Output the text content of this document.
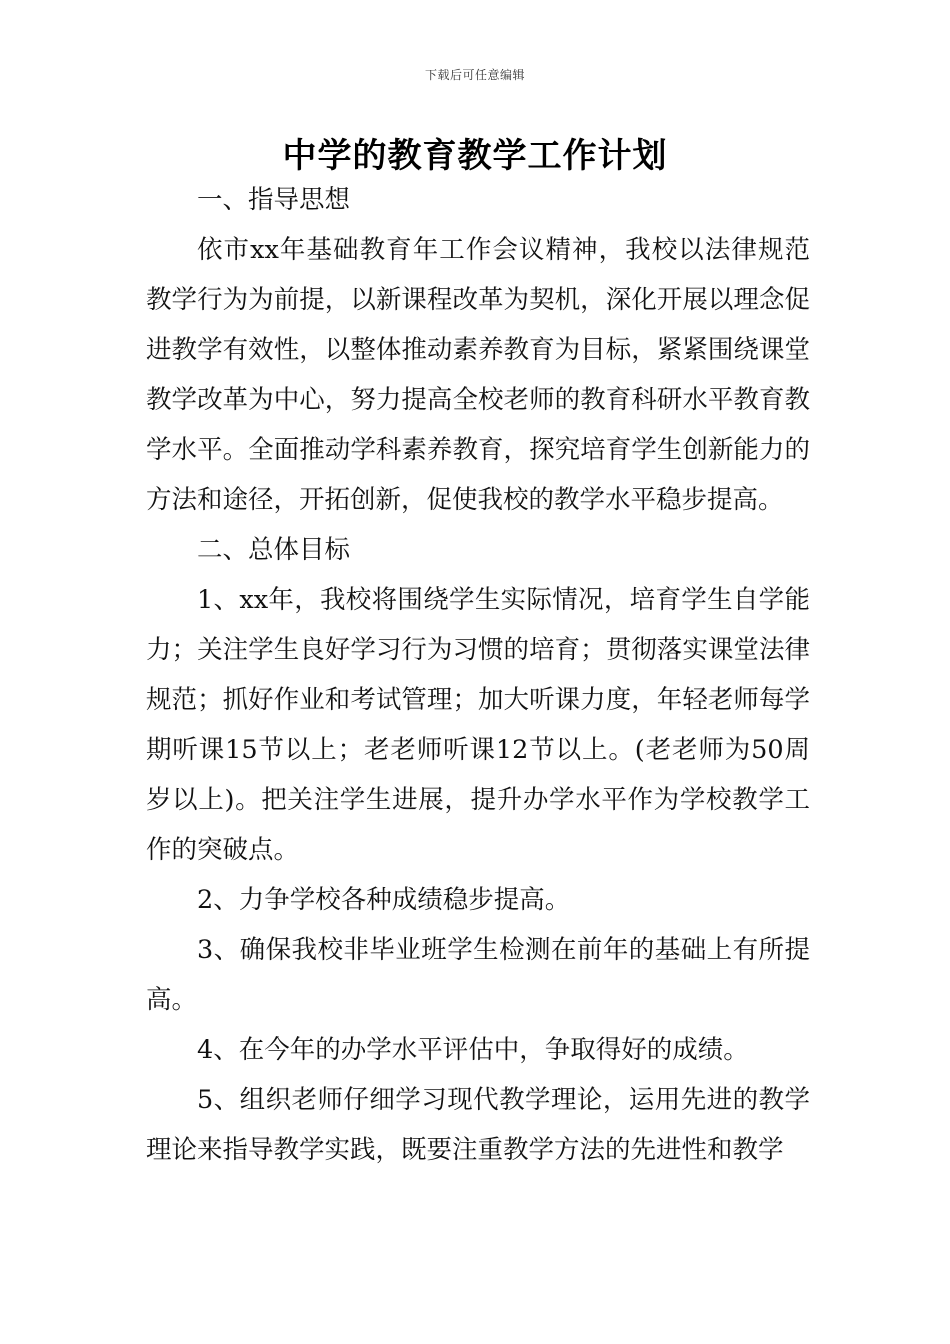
下载后可任意编辑
中学的教育教学工作计划

一、指导思想

依市xx年基础教育年工作会议精神，我校以法律规范教学行为为前提，以新课程改革为契机，深化开展以理念促进教学有效性，以整体推动素养教育为目标，紧紧围绕课堂教学改革为中心，努力提高全校老师的教育科研水平教育教学水平。全面推动学科素养教育，探究培育学生创新能力的方法和途径，开拓创新，促使我校的教学水平稳步提高。

二、总体目标

1、xx年，我校将围绕学生实际情况，培育学生自学能力；关注学生良好学习行为习惯的培育；贯彻落实课堂法律规范；抓好作业和考试管理；加大听课力度，年轻老师每学期听课15节以上；老老师听课12节以上。(老老师为50周岁以上)。把关注学生进展，提升办学水平作为学校教学工作的突破点。

2、力争学校各种成绩稳步提高。

3、确保我校非毕业班学生检测在前年的基础上有所提高。

4、在今年的办学水平评估中，争取得好的成绩。

5、组织老师仔细学习现代教学理论，运用先进的教学理论来指导教学实践，既要注重教学方法的先进性和教学
